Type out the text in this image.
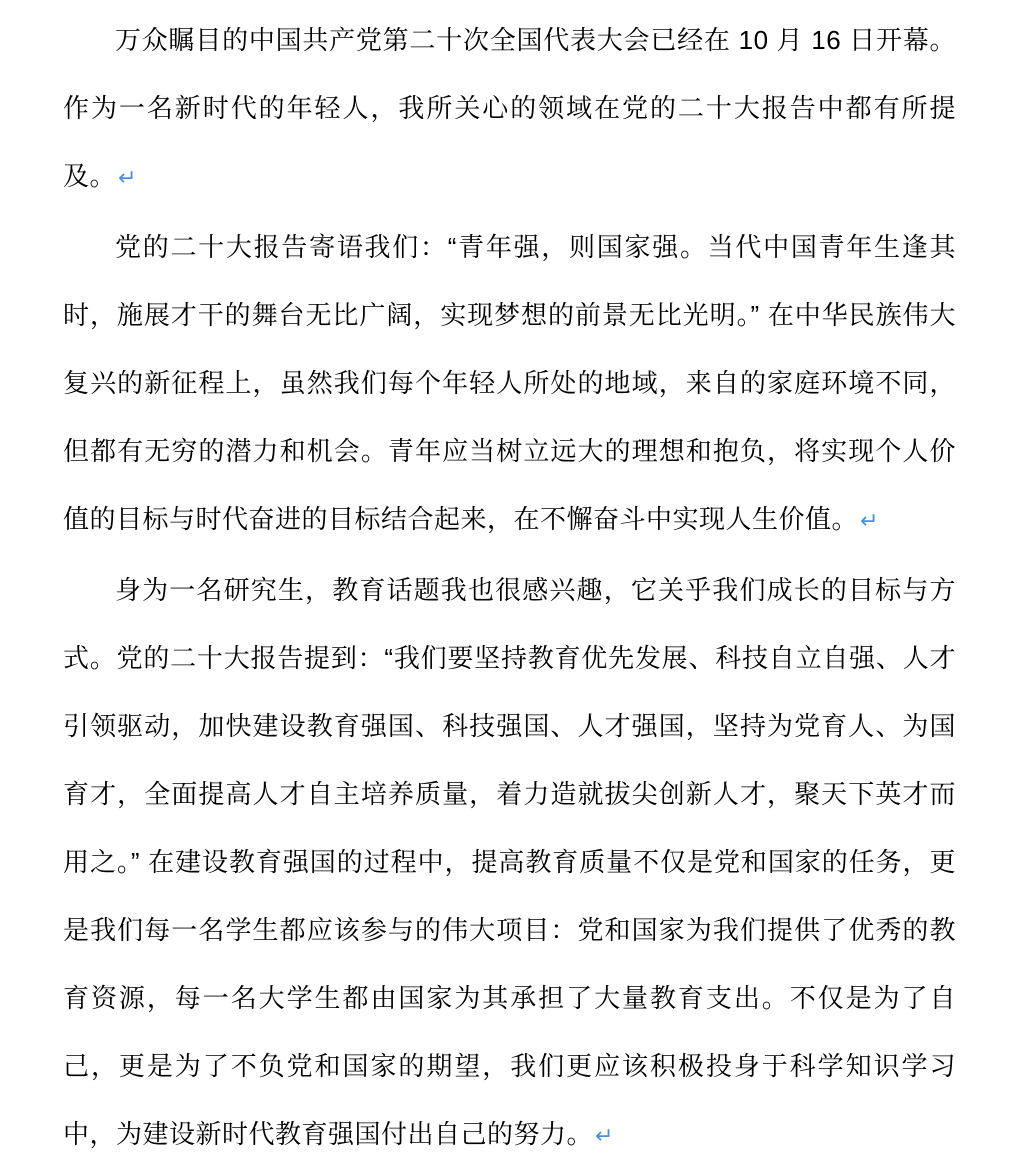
万众瞩目的中国共产党第二十次全国代表大会已经在 10 月 16 日开幕。作为一名新时代的年轻人，我所关心的领域在党的二十大报告中都有所提及。↵

党的二十大报告寄语我们：“青年强，则国家强。当代中国青年生逢其时，施展才干的舞台无比广阔，实现梦想的前景无比光明。” 在中华民族伟大复兴的新征程上，虽然我们每个年轻人所处的地域，来自的家庭环境不同，但都有无穷的潜力和机会。青年应当树立远大的理想和抱负，将实现个人价值的目标与时代奋进的目标结合起来，在不懈奋斗中实现人生价值。↵

身为一名研究生，教育话题我也很感兴趣，它关乎我们成长的目标与方式。党的二十大报告提到：“我们要坚持教育优先发展、科技自立自强、人才引领驱动，加快建设教育强国、科技强国、人才强国，坚持为党育人、为国育才，全面提高人才自主培养质量，着力造就拔尖创新人才，聚天下英才而用之。” 在建设教育强国的过程中，提高教育质量不仅是党和国家的任务，更是我们每一名学生都应该参与的伟大项目：党和国家为我们提供了优秀的教育资源，每一名大学生都由国家为其承担了大量教育支出。不仅是为了自己，更是为了不负党和国家的期望，我们更应该积极投身于科学知识学习中，为建设新时代教育强国付出自己的努力。↵
